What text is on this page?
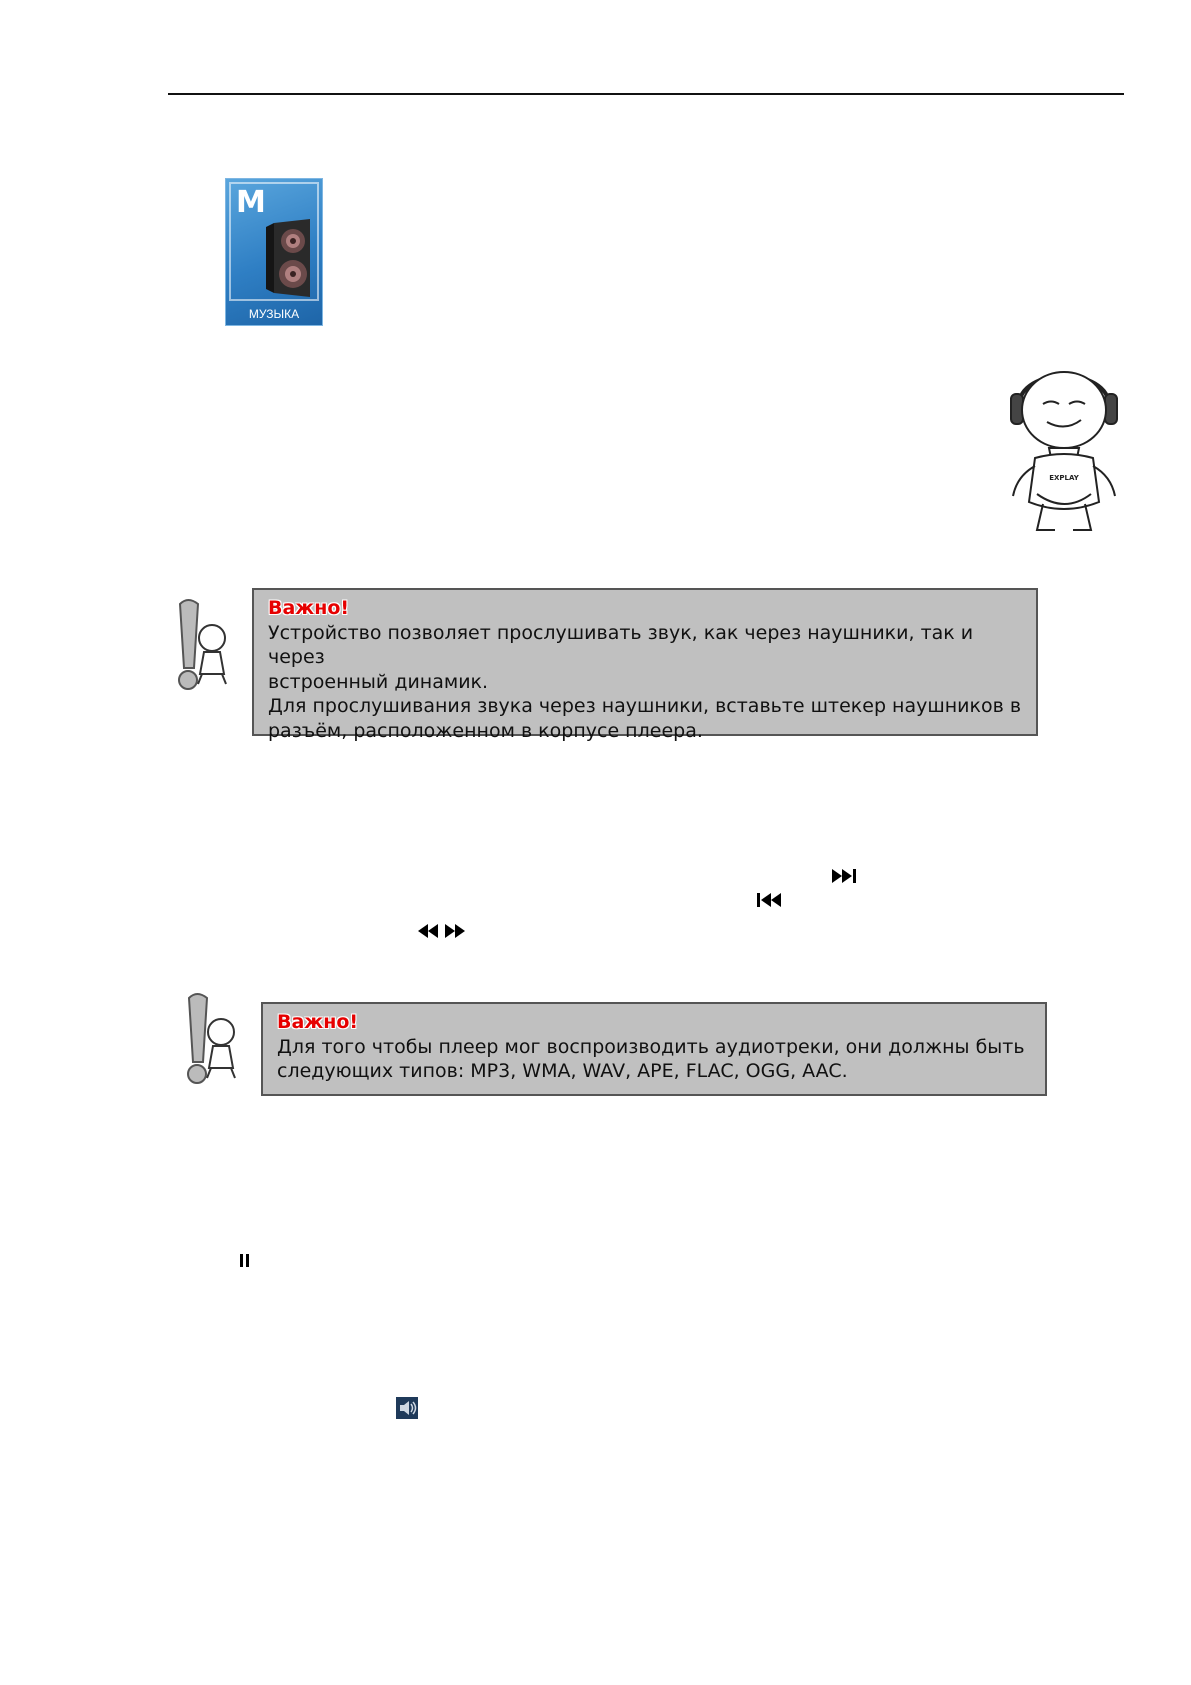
M
МУЗЫКА
EXPLAY
Важно!
Устройство позволяет прослушивать звук, как через наушники, так и через
встроенный динамик.
Для прослушивания звука через наушники, вставьте штекер наушников в
разъём, расположенном в корпусе плеера.
Важно!
Для того чтобы плеер мог воспроизводить аудиотреки, они должны быть
следующих типов: MP3, WMA, WAV, APE, FLAC, OGG, AAC.
